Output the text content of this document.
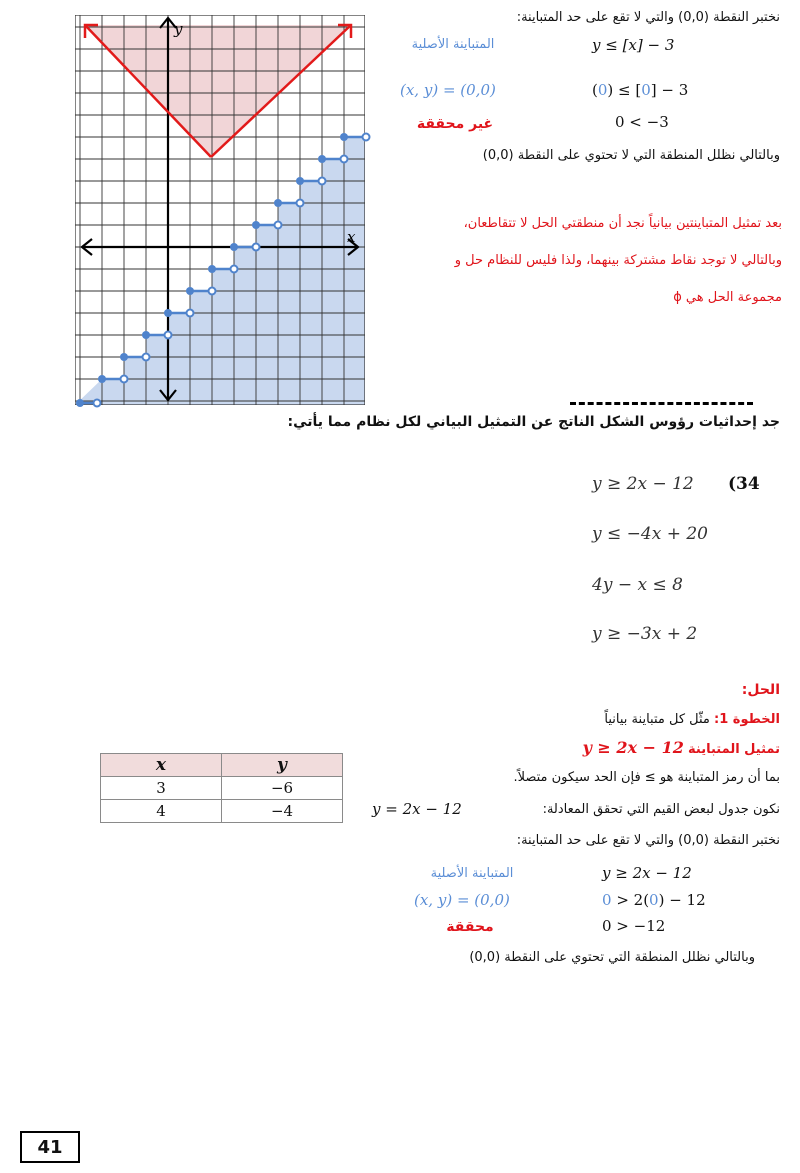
y
x
نختبر النقطة (0,0) والتي لا تقع على حد المتباينة:
المتباينة الأصلية	y ≤ [x] − 3
(x, y) = (0,0)	(0) ≤ [0] − 3
غير محققة	0 < −3
وبالتالي نظلل المنطقة التي لا تحتوي على النقطة (0,0)
بعد تمثيل المتباينتين بيانياً نجد أن منطقتي الحل لا تتقاطعان،
وبالتالي لا توجد نقاط مشتركة بينهما، ولذا فليس للنظام حل و
مجموعة الحل هي ϕ
جد إحداثيات رؤوس الشكل الناتج عن التمثيل البياني لكل نظام مما يأتي:
(34
y ≥ 2x − 12
y ≤ −4x + 20
4y − x ≤ 8
y ≥ −3x + 2
الحل:
الخطوة 1: مثّل كل متباينة بيانياً
تمثيل المتباينة y ≥ 2x − 12
بما أن رمز المتباينة هو ≥ فإن الحد سيكون متصلاً.
نكون جدول لبعض القيم التي تحقق المعادلة:
y = 2x − 12
نختبر النقطة (0,0) والتي لا تقع على حد المتباينة:
المتباينة الأصلية	y ≥ 2x − 12
(x, y) = (0,0)	0 > 2(0) − 12
محققة	0 > −12
وبالتالي نظلل المنطقة التي تحتوي على النقطة (0,0)
x	y
3	−6
4	−4
41
